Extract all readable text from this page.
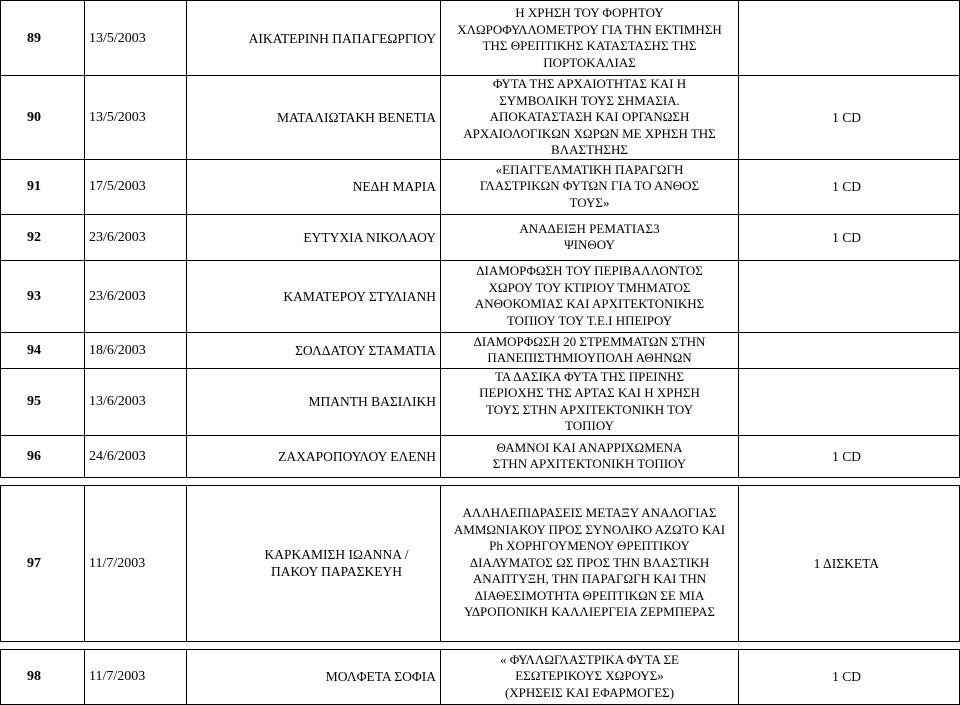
89	13/5/2003	ΑΙΚΑΤΕΡΙΝΗ ΠΑΠΑΓΕΩΡΓΙΟΥ	Η ΧΡΗΣΗ ΤΟΥ ΦΟΡΗΤΟΥ ΧΛΩΡΟΦΥΛΛΟΜΕΤΡΟΥ ΓΙΑ ΤΗΝ ΕΚΤΙΜΗΣΗ ΤΗΣ ΘΡΕΠΤΙΚΗΣ ΚΑΤΑΣΤΑΣΗΣ ΤΗΣ ΠΟΡΤΟΚΑΛΙΑΣ	

90	13/5/2003	ΜΑΤΑΛΙΩΤΑΚΗ ΒΕΝΕΤΙΑ	ΦΥΤΑ ΤΗΣ ΑΡΧΑΙΟΤΗΤΑΣ ΚΑΙ Η ΣΥΜΒΟΛΙΚΗ ΤΟΥΣ ΣΗΜΑΣΙΑ. ΑΠΟΚΑΤΑΣΤΑΣΗ ΚΑΙ ΟΡΓΑΝΩΣΗ ΑΡΧΑΙΟΛΟΓΙΚΩΝ ΧΩΡΩΝ ΜΕ ΧΡΗΣΗ ΤΗΣ ΒΛΑΣΤΗΣΗΣ	1 CD
91	17/5/2003	ΝΕΔΗ ΜΑΡΙΑ	«ΕΠΑΓΓΕΛΜΑΤΙΚΗ ΠΑΡΑΓΩΓΗ ΓΛΑΣΤΡΙΚΩΝ ΦΥΤΩΝ ΓΙΑ ΤΟ ΑΝΘΟΣ ΤΟΥΣ»	1 CD
92	23/6/2003	ΕΥΤΥΧΙΑ ΝΙΚΟΛΑΟΥ	ΑΝΑΔΕΙΞΗ ΡΕΜΑΤΙΑΣ3 ΨΙΝΘΟΥ	1 CD
93	23/6/2003	ΚΑΜΑΤΕΡΟΥ ΣΤΥΛΙΑΝΗ	ΔΙΑΜΟΡΦΩΣΗ ΤΟΥ ΠΕΡΙΒΑΛΛΟΝΤΟΣ ΧΩΡΟΥ ΤΟΥ ΚΤΙΡΙΟΥ ΤΜΗΜΑΤΟΣ ΑΝΘΟΚΟΜΙΑΣ ΚΑΙ ΑΡΧΙΤΕΚΤΟΝΙΚΗΣ ΤΟΠΙΟΥ ΤΟΥ Τ.Ε.Ι ΗΠΕΙΡΟΥ	

94	18/6/2003	ΣΟΛΔΑΤΟΥ ΣΤΑΜΑΤΙΑ	ΔΙΑΜΟΡΦΩΣΗ 20 ΣΤΡΕΜΜΑΤΩΝ ΣΤΗΝ ΠΑΝΕΠΙΣΤΗΜΙΟΥΠΟΛΗ ΑΘΗΝΩΝ	

95	13/6/2003	ΜΠΑΝΤΗ ΒΑΣΙΛΙΚΗ	ΤΑ ΔΑΣΙΚΑ ΦΥΤΑ ΤΗΣ ΠΡΕΙΝΗΣ ΠΕΡΙΟΧΗΣ ΤΗΣ ΑΡΤΑΣ ΚΑΙ Η ΧΡΗΣΗ ΤΟΥΣ ΣΤΗΝ ΑΡΧΙΤΕΚΤΟΝΙΚΗ ΤΟΥ ΤΟΠΙΟΥ	

96	24/6/2003	ΖΑΧΑΡΟΠΟΥΛΟΥ ΕΛΕΝΗ	ΘΑΜΝΟΙ ΚΑΙ ΑΝΑΡΡΙΧΩΜΕΝΑ ΣΤΗΝ ΑΡΧΙΤΕΚΤΟΝΙΚΗ ΤΟΠΙΟΥ	1 CD

97	11/7/2003	ΚΑΡΚΑΜΙΣΗ ΙΩΑΝΝΑ / ΠΑΚΟΥ ΠΑΡΑΣΚΕΥΗ	ΑΛΛΗΛΕΠΙΔΡΑΣΕΙΣ ΜΕΤΑΞΥ ΑΝΑΛΟΓΙΑΣ ΑΜΜΩΝΙΑΚΟΥ ΠΡΟΣ ΣΥΝΟΛΙΚΟ ΑΖΩΤΟ ΚΑΙ Ph ΧΟΡΗΓΟΥΜΕΝΟΥ ΘΡΕΠΤΙΚΟΥ ΔΙΑΛΥΜΑΤΟΣ ΩΣ ΠΡΟΣ ΤΗΝ ΒΛΑΣΤΙΚΗ ΑΝΑΠΤΥΞΗ, ΤΗΝ ΠΑΡΑΓΩΓΗ ΚΑΙ ΤΗΝ ΔΙΑΘΕΣΙΜΟΤΗΤΑ ΘΡΕΠΤΙΚΩΝ ΣΕ ΜΙΑ ΥΔΡΟΠΟΝΙΚΗ ΚΑΛΛΙΕΡΓΕΙΑ ΖΕΡΜΠΕΡΑΣ	1 ΔΙΣΚΕΤΑ

98	11/7/2003	ΜΟΛΦΕΤΑ ΣΟΦΙΑ	« ΦΥΛΛΩΓΛΑΣΤΡΙΚΑ ΦΥΤΑ ΣΕ ΕΣΩΤΕΡΙΚΟΥΣ ΧΩΡΟΥΣ» (ΧΡΗΣΕΙΣ ΚΑΙ ΕΦΑΡΜΟΓΕΣ)	1 CD
